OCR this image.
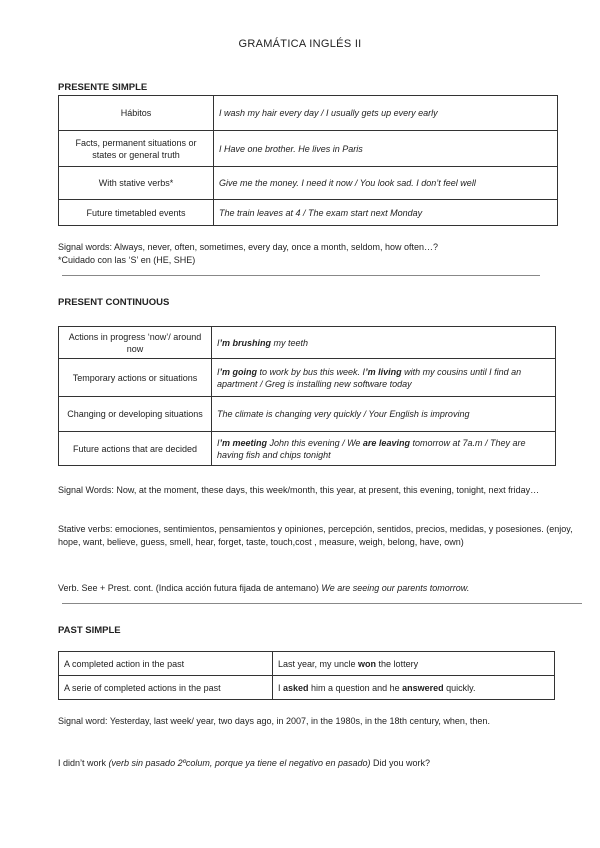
GRAMÁTICA INGLÉS II
PRESENTE SIMPLE
Hábitos	I wash my hair every day / I usually gets up every early
Facts, permanent situations or states or general truth	I Have one brother. He lives in Paris
With stative verbs*	Give me the money. I need it now / You look sad. I don’t feel well
Future timetabled events	The train leaves at 4 / The exam start next Monday
Signal words: Always, never, often, sometimes, every day, once a month, seldom, how often…?
*Cuidado con las ‘S’ en (HE, SHE)
PRESENT CONTINUOUS
Actions in progress ‘now’/ around now	I’m brushing my teeth
Temporary actions or situations	I’m going to work by bus this week. I’m living with my cousins until I find an apartment / Greg is installing new software today
Changing or developing situations	The climate is changing very quickly / Your English is improving
Future actions that are decided	I’m meeting John this evening / We are leaving tomorrow at 7a.m / They are having fish and chips tonight
Signal Words: Now, at the moment, these days, this week/month, this year, at present, this evening, tonight, next friday…
Stative verbs: emociones, sentimientos, pensamientos y opiniones, percepción, sentidos, precios, medidas, y posesiones. (enjoy, hope, want, believe, guess, smell, hear, forget, taste, touch,cost , measure, weigh, belong, have, own)
Verb. See + Prest. cont. (Indica acción futura fijada de antemano) We are seeing our parents tomorrow.
PAST SIMPLE
A completed action in the past	Last year, my uncle won the lottery
A serie of completed actions in the past	I asked him a question and he answered quickly.
Signal word: Yesterday, last week/ year, two days ago, in 2007, in the 1980s, in the 18th century, when, then.
I didn’t work (verb sin pasado 2ºcolum, porque ya tiene el negativo en pasado) Did you work?
